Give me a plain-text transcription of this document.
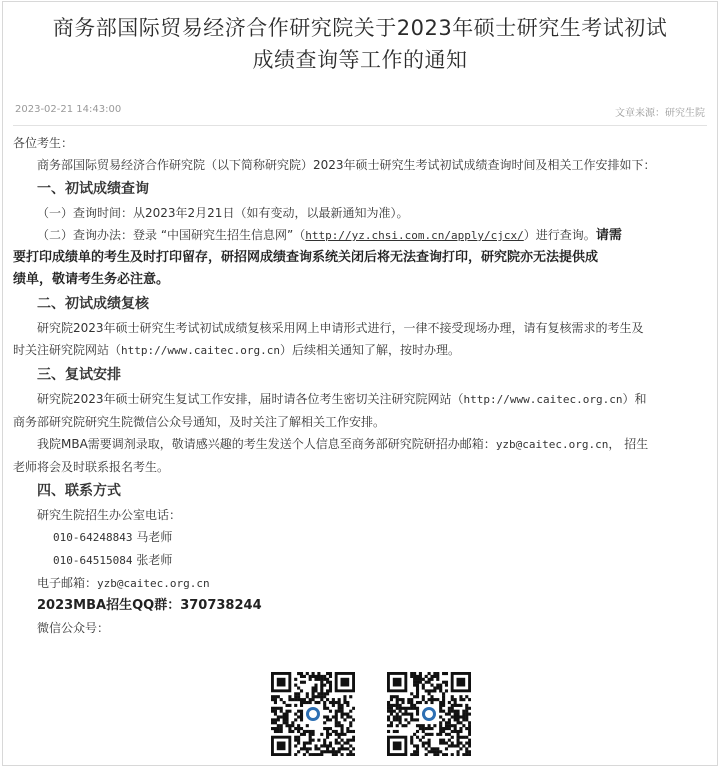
商务部国际贸易经济合作研究院关于2023年硕士研究生考试初试
成绩查询等工作的通知
2023-02-21 14:43:00	文章来源：研究生院

各位考生：

商务部国际贸易经济合作研究院（以下简称研究院）2023年硕士研究生考试初试成绩查询时间及相关工作安排如下：

一、初试成绩查询

（一）查询时间：从2023年2月21日（如有变动，以最新通知为准）。

（二）查询办法：登录 “中国研究生招生信息网”（http://yz.chsi.com.cn/apply/cjcx/）进行查询。请需

要打印成绩单的考生及时打印留存，研招网成绩查询系统关闭后将无法查询打印，研究院亦无法提供成

绩单，敬请考生务必注意。

二、初试成绩复核

研究院2023年硕士研究生考试初试成绩复核采用网上申请形式进行，一律不接受现场办理，请有复核需求的考生及

时关注研究院网站（http://www.caitec.org.cn）后续相关通知了解，按时办理。

三、复试安排

研究院2023年硕士研究生复试工作安排，届时请各位考生密切关注研究院网站（http://www.caitec.org.cn）和

商务部研究院研究生院微信公众号通知，及时关注了解相关工作安排。

我院MBA需要调剂录取，敬请感兴趣的考生发送个人信息至商务部研究院研招办邮箱：yzb@caitec.org.cn， 招生

老师将会及时联系报名考生。

四、联系方式

研究生院招生办公室电话：

010-64248843 马老师

010-64515084 张老师

电子邮箱：yzb@caitec.org.cn

2023MBA招生QQ群：370738244

微信公众号：
